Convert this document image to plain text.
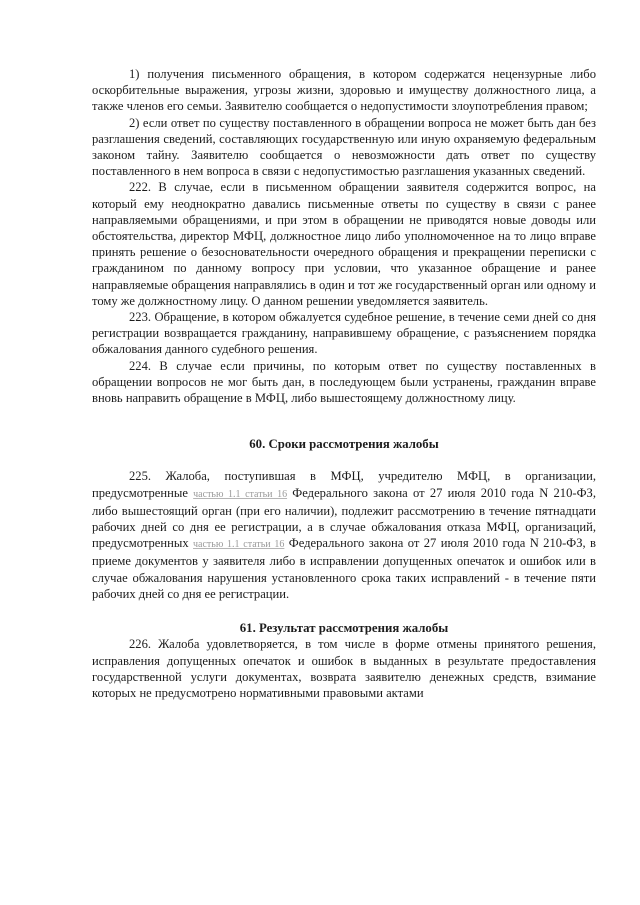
1) получения письменного обращения, в котором содержатся нецензурные либо оскорбительные выражения, угрозы жизни, здоровью и имуществу должностного лица, а также членов его семьи. Заявителю сообщается о недопустимости злоупотребления правом;

2) если ответ по существу поставленного в обращении вопроса не может быть дан без разглашения сведений, составляющих государственную или иную охраняемую федеральным законом тайну. Заявителю сообщается о невозможности дать ответ по существу поставленного в нем вопроса в связи с недопустимостью разглашения указанных сведений.

222. В случае, если в письменном обращении заявителя содержится вопрос, на который ему неоднократно давались письменные ответы по существу в связи с ранее направляемыми обращениями, и при этом в обращении не приводятся новые доводы или обстоятельства, директор МФЦ, должностное лицо либо уполномоченное на то лицо вправе принять решение о безосновательности очередного обращения и прекращении переписки с гражданином по данному вопросу при условии, что указанное обращение и ранее направляемые обращения направлялись в один и тот же государственный орган или одному и тому же должностному лицу. О данном решении уведомляется заявитель.

223. Обращение, в котором обжалуется судебное решение, в течение семи дней со дня регистрации возвращается гражданину, направившему обращение, с разъяснением порядка обжалования данного судебного решения.

224. В случае если причины, по которым ответ по существу поставленных в обращении вопросов не мог быть дан, в последующем были устранены, гражданин вправе вновь направить обращение в МФЦ, либо вышестоящему должностному лицу.

60. Сроки рассмотрения жалобы

225. Жалоба, поступившая в МФЦ, учредителю МФЦ, в организации, предусмотренные частью 1.1 статьи 16 Федерального закона от 27 июля 2010 года N 210-ФЗ, либо вышестоящий орган (при его наличии), подлежит рассмотрению в течение пятнадцати рабочих дней со дня ее регистрации, а в случае обжалования отказа МФЦ, организаций, предусмотренных частью 1.1 статьи 16 Федерального закона от 27 июля 2010 года N 210-ФЗ, в приеме документов у заявителя либо в исправлении допущенных опечаток и ошибок или в случае обжалования нарушения установленного срока таких исправлений - в течение пяти рабочих дней со дня ее регистрации.

61. Результат рассмотрения жалобы

226. Жалоба удовлетворяется, в том числе в форме отмены принятого решения, исправления допущенных опечаток и ошибок в выданных в результате предоставления государственной услуги документах, возврата заявителю денежных средств, взимание которых не предусмотрено нормативными правовыми актами
